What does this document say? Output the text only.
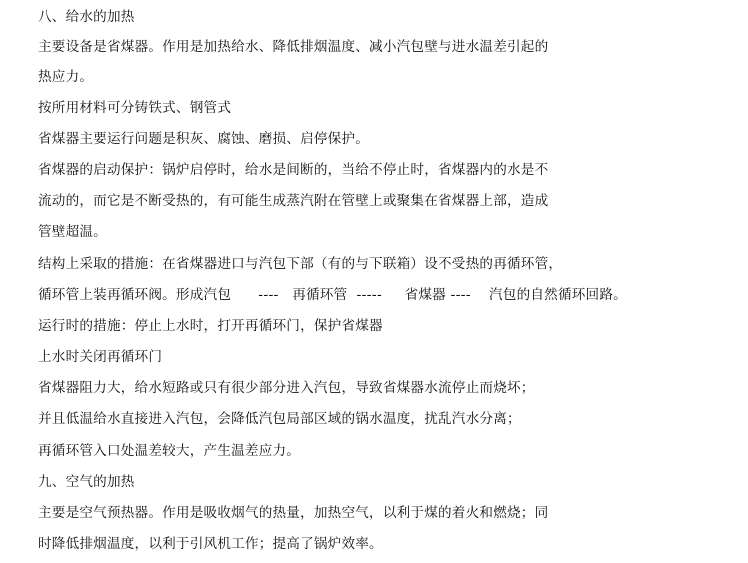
八、给水的加热
主要设备是省煤器。作用是加热给水、降低排烟温度、减小汽包壁与进水温差引起的
热应力。
按所用材料可分铸铁式、钢管式
省煤器主要运行问题是积灰、腐蚀、磨损、启停保护。
省煤器的启动保护：锅炉启停时，给水是间断的，当给不停止时，省煤器内的水是不
流动的，而它是不断受热的，有可能生成蒸汽附在管壁上或聚集在省煤器上部，造成
管壁超温。
结构上采取的措施：在省煤器进口与汽包下部（有的与下联箱）设不受热的再循环管，
循环管上装再循环阀。形成汽包      ----   再循环管  -----     省煤器 ----    汽包的自然循环回路。
运行时的措施：停止上水时，打开再循环门，保护省煤器
上水时关闭再循环门
省煤器阻力大，给水短路或只有很少部分进入汽包，导致省煤器水流停止而烧坏；
并且低温给水直接进入汽包，会降低汽包局部区域的锅水温度，扰乱汽水分离；
再循环管入口处温差较大，产生温差应力。
九、空气的加热
主要是空气预热器。作用是吸收烟气的热量，加热空气，以利于煤的着火和燃烧；同
时降低排烟温度，以利于引风机工作；提高了锅炉效率。
